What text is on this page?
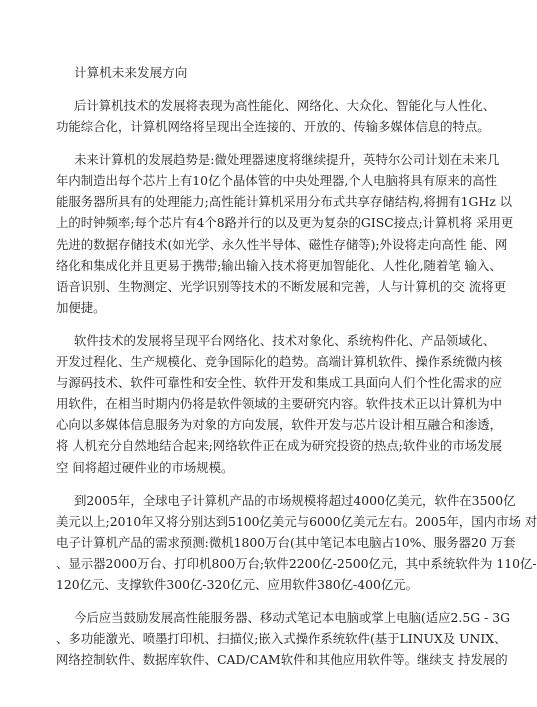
计算机未来发展方向
后计算机技术的发展将表现为高性能化、网络化、大众化、智能化与人性化、
功能综合化，计算机网络将呈现出全连接的、开放的、传输多媒体信息的特点。
未来计算机的发展趋势是:微处理器速度将继续提升，英特尔公司计划在未来几
年内制造出每个芯片上有10亿个晶体管的中央处理器,个人电脑将具有原来的高性
能服务器所具有的处理能力;高性能计算机采用分布式共享存储结构,将拥有1GHz 以
上的时钟频率;每个芯片有4个8路并行的以及更为复杂的GISC接点;计算机将 采用更
先进的数据存储技术(如光学、永久性半导体、磁性存储等);外设将走向高性 能、网
络化和集成化并且更易于携带;输出输入技术将更加智能化、人性化,随着笔 输入、
语音识别、生物测定、光学识别等技术的不断发展和完善，人与计算机的交 流将更
加便捷。
软件技术的发展将呈现平台网络化、技术对象化、系统构件化、产品领域化、
开发过程化、生产规模化、竞争国际化的趋势。高端计算机软件、操作系统微内核
与源码技术、软件可靠性和安全性、软件开发和集成工具面向人们个性化需求的应
用软件，在相当时期内仍将是软件领域的主要研究内容。软件技术正以计算机为中
心向以多媒体信息服务为对象的方向发展，软件开发与芯片设计相互融合和渗透，
将 人机充分自然地结合起来;网络软件正在成为研究投资的热点;软件业的市场发展
空 间将超过硬件业的市场规模。
到2005年，全球电子计算机产品的市场规模将超过4000亿美元，软件在3500亿
美元以上;2010年又将分别达到5100亿美元与6000亿美元左右。2005年，国内市场 对
电子计算机产品的需求预测:微机1800万台(其中笔记本电脑占10%、服务器20 万套
、显示器2000万台、打印机800万台;软件2200亿-2500亿元，其中系统软件为 110亿-
120亿元、支撑软件300亿-320亿元、应用软件380亿-400亿元。
今后应当鼓励发展高性能服务器、移动式笔记本电脑或掌上电脑(适应2.5G - 3G
、多功能激光、喷墨打印机、扫描仪;嵌入式操作系统软件(基于LINUX及 UNIX、
网络控制软件、数据库软件、CAD/CAM软件和其他应用软件等。继续支 持发展的
